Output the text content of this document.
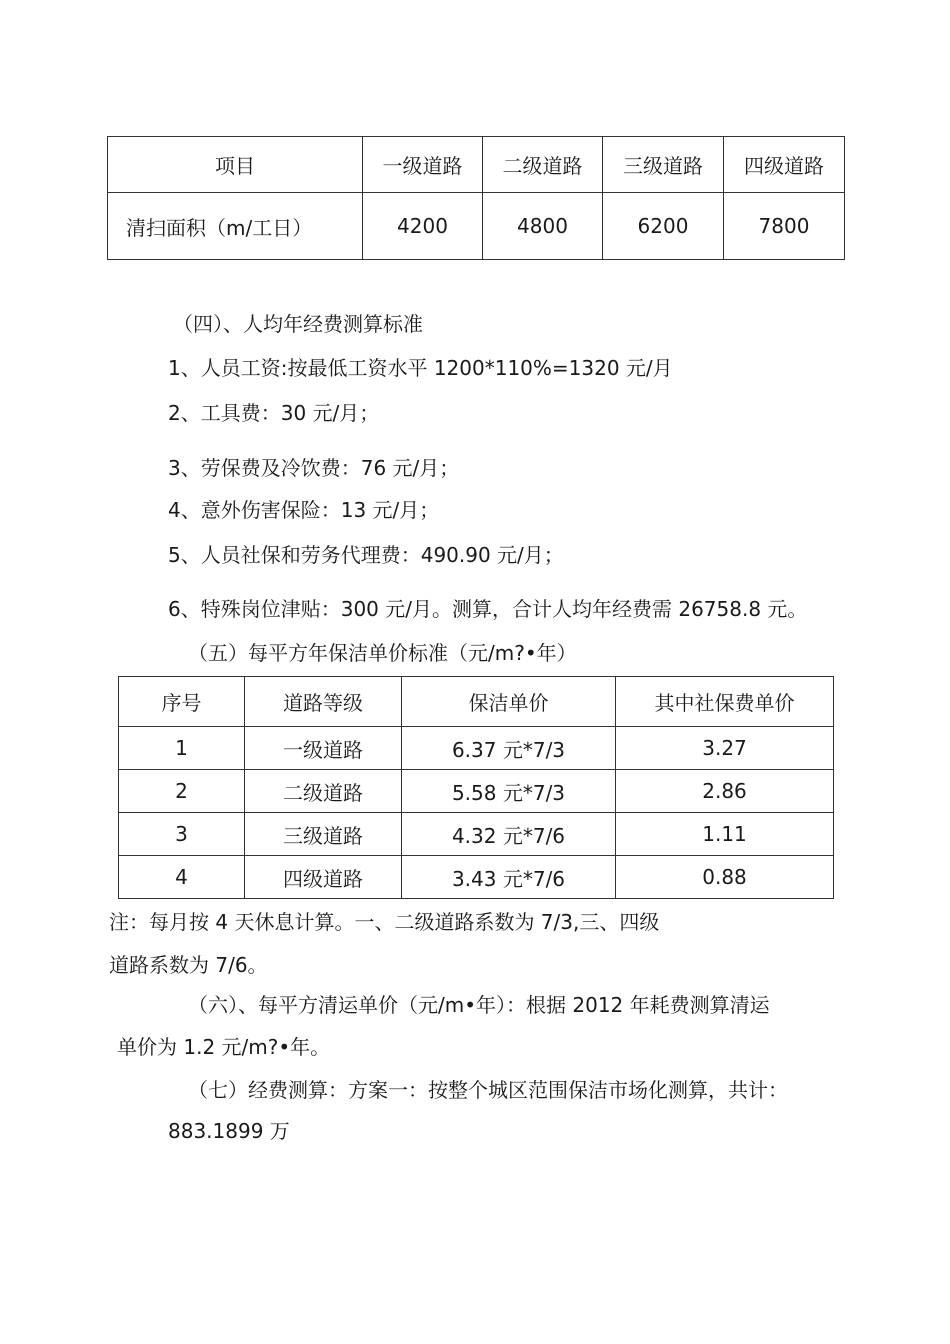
项目	一级道路	二级道路	三级道路	四级道路
清扫面积（m/工日）	4200	4800	6200	7800
（四）、人均年经费测算标准
1、人员工资:按最低工资水平 1200*110%=1320 元/月
2、工具费：30 元/月；
3、劳保费及冷饮费：76 元/月；
4、意外伤害保险：13 元/月；
5、人员社保和劳务代理费：490.90 元/月；
6、特殊岗位津贴：300 元/月。测算，合计人均年经费需 26758.8 元。
（五）每平方年保洁单价标准（元/m?•年）
序号	道路等级	保洁单价	其中社保费单价
1	一级道路	6.37 元*7/3	3.27
2	二级道路	5.58 元*7/3	2.86
3	三级道路	4.32 元*7/6	1.11
4	四级道路	3.43 元*7/6	0.88
注：每月按 4 天休息计算。一、二级道路系数为 7/3,三、四级
道路系数为 7/6。
（六）、每平方清运单价（元/m•年）：根据 2012 年耗费测算清运
单价为 1.2 元/m?•年。
（七）经费测算：方案一：按整个城区范围保洁市场化测算，共计：
883.1899 万
